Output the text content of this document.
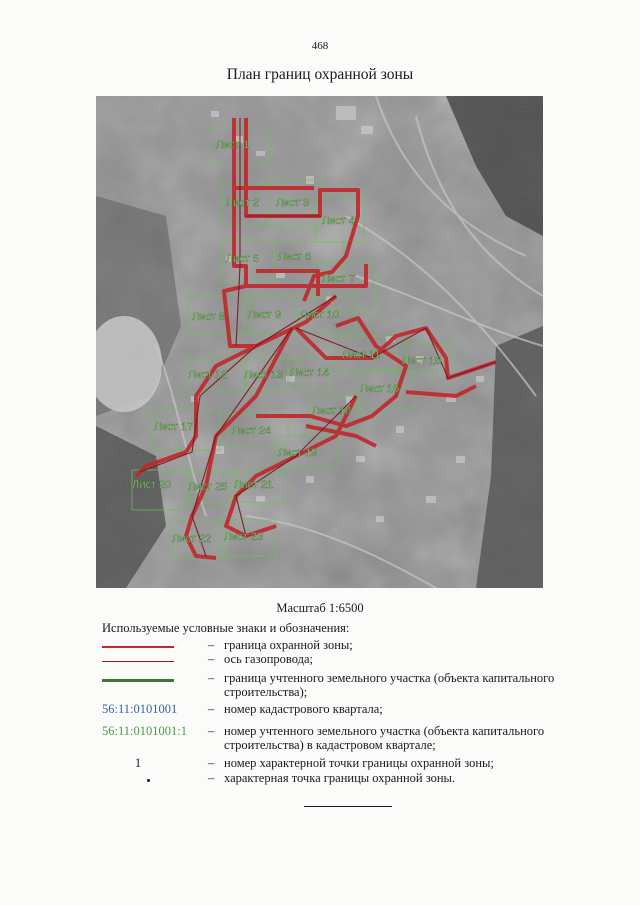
468
План границ охранной зоны
Лист 1
Лист 2 Лист 3
Лист 4
Лист 5 Лист 6
Лист 7
Лист 8 Лист 9 Лист 10
Лист 11
Лист 12 Лист 13 Лист 14
Лист 15
Лист 16
Лист 17
Лист 18
Лист 19
Лист 20	Лист 21
Лист 22 Лист 23
Лист 24
Лист 25
Масштаб 1:6500
Используемые условные знаки и обозначения:
– граница охранной зоны;
– ось газопровода;
– граница учтенного земельного участка (объекта капитального строительства);
56:11:0101001 – номер кадастрового квартала;
56:11:0101001:1	– номер учтенного земельного участка (объекта капитального строительства) в кадастровом квартале;
1	– номер характерной точки границы охранной зоны;
– характерная точка границы охранной зоны.
